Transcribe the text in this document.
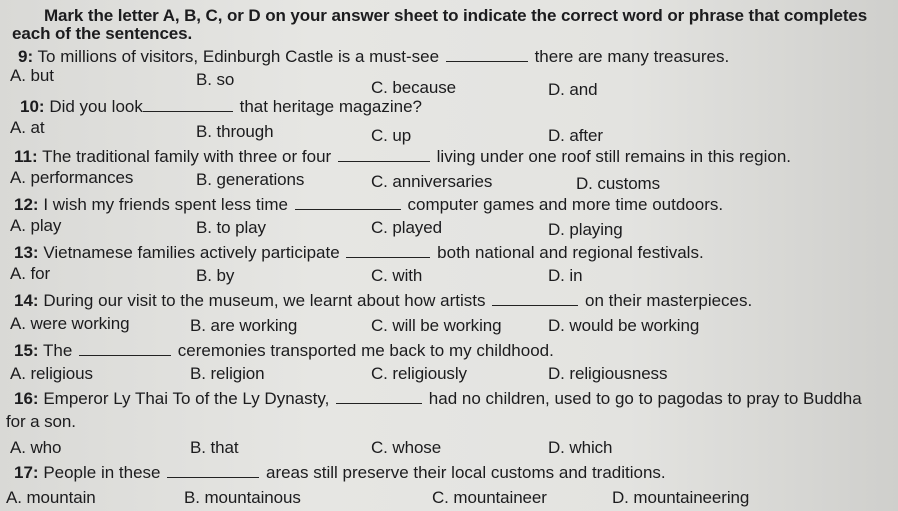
Mark the letter A, B, C, or D on your answer sheet to indicate the correct word or phrase that completes
each of the sentences.
9: To millions of visitors, Edinburgh Castle is a must-see	there are many treasures.
A. but	B. so	C. because	D. and
10: Did you look	that heritage magazine?
A. at	B. through	C. up	D. after
11: The traditional family with three or four	living under one roof still remains in this region.
A. performances	B. generations	C. anniversaries	D. customs
12: I wish my friends spent less time	computer games and more time outdoors.
A. play	B. to play	C. played	D. playing
13: Vietnamese families actively participate	both national and regional festivals.
A. for	B. by	C. with	D. in
14: During our visit to the museum, we learnt about how artists	on their masterpieces.
A. were working	B. are working	C. will be working	D. would be working
15: The	ceremonies transported me back to my childhood.
A. religious	B. religion	C. religiously	D. religiousness
16: Emperor Ly Thai To of the Ly Dynasty,	had no children, used to go to pagodas to pray to Buddha
for a son.
A. who	B. that	C. whose	D. which
17: People in these	areas still preserve their local customs and traditions.
A. mountain	B. mountainous	C. mountaineer	D. mountaineering
